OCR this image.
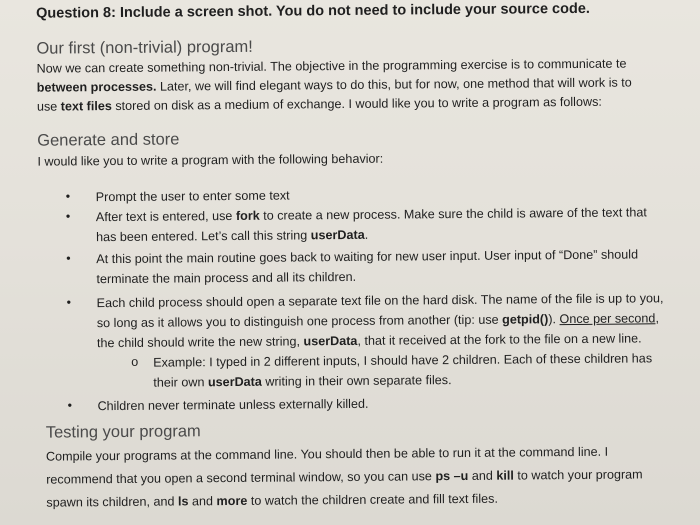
Question 8: Include a screen shot. You do not need to include your source code.
Our first (non-trivial) program!
Now we can create something non-trivial. The objective in the programming exercise is to communicate te
between processes. Later, we will find elegant ways to do this, but for now, one method that will work is to
use text files stored on disk as a medium of exchange. I would like you to write a program as follows:
Generate and store
I would like you to write a program with the following behavior:
• Prompt the user to enter some text
• After text is entered, use fork to create a new process. Make sure the child is aware of the text that
has been entered. Let’s call this string userData.
• At this point the main routine goes back to waiting for new user input. User input of “Done” should
terminate the main process and all its children.
• Each child process should open a separate text file on the hard disk. The name of the file is up to you,
so long as it allows you to distinguish one process from another (tip: use getpid()). Once per second,
the child should write the new string, userData, that it received at the fork to the file on a new line.
o Example: I typed in 2 different inputs, I should have 2 children. Each of these children has
their own userData writing in their own separate files.
• Children never terminate unless externally killed.
Testing your program
Compile your programs at the command line. You should then be able to run it at the command line. I
recommend that you open a second terminal window, so you can use ps –u and kill to watch your program
spawn its children, and ls and more to watch the children create and fill text files.
